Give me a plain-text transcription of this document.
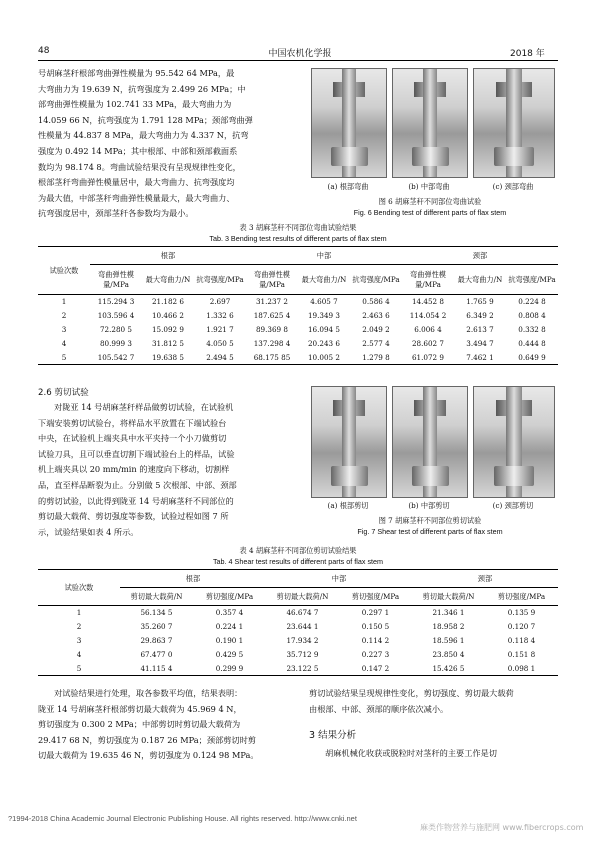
48	中国农机化学报	2018 年
号胡麻茎秆根部弯曲弹性模量为 95.542 64 MPa，最
大弯曲力为 19.639 N，抗弯强度为 2.499 26 MPa；中
部弯曲弹性模量为 102.741 33 MPa，最大弯曲力为
14.059 66 N，抗弯强度为 1.791 128 MPa；颈部弯曲弹
性模量为 44.837 8 MPa，最大弯曲力为 4.337 N，抗弯
强度为 0.492 14 MPa；其中根部、中部和颈部截面系
数均为 98.174 8。弯曲试验结果没有呈现规律性变化，
根部茎秆弯曲弹性模量居中，最大弯曲力、抗弯强度均
为最大值，中部茎秆弯曲弹性模量最大，最大弯曲力、
抗弯强度居中，颈部茎秆各参数均为最小。
(a) 根部弯曲	(b) 中部弯曲	(c) 颈部弯曲
图 6 胡麻茎秆不同部位弯曲试验
Fig. 6 Bending test of different parts of flax stem
表 3 胡麻茎秆不同部位弯曲试验结果
Tab. 3 Bending test results of different parts of flax stem
试验次数	根部			中部			颈部		
	弯曲弹性模量/MPa	最大弯曲力/N	抗弯强度/MPa	弯曲弹性模量/MPa	最大弯曲力/N	抗弯强度/MPa	弯曲弹性模量/MPa	最大弯曲力/N	抗弯强度/MPa
1	115.294 3	21.182 6	2.697	31.237 2	4.605 7	0.586 4	14.452 8	1.765 9	0.224 8
2	103.596 4	10.466 2	1.332 6	187.625 4	19.349 3	2.463 6	114.054 2	6.349 2	0.808 4
3	72.280 5	15.092 9	1.921 7	89.369 8	16.094 5	2.049 2	6.006 4	2.613 7	0.332 8
4	80.999 3	31.812 5	4.050 5	137.298 4	20.243 6	2.577 4	28.602 7	3.494 7	0.444 8
5	105.542 7	19.638 5	2.494 5	68.175 85	10.005 2	1.279 8	61.072 9	7.462 1	0.649 9
2.6 剪切试验
对陇亚 14 号胡麻茎秆样品做剪切试验，在试验机
下端安装剪切试验台，将样品水平放置在下端试验台
中央，在试验机上端夹具中水平夹持一个小刀做剪切
试验刀具，且可以垂直切割下端试验台上的样品，试验
机上端夹具以 20 mm/min 的速度向下移动，切割样
品，直至样品断裂为止。分别做 5 次根部、中部、颈部
的剪切试验，以此得到陇亚 14 号胡麻茎秆不同部位的
剪切最大载荷、剪切强度等参数，试验过程如图 7 所
示，试验结果如表 4 所示。
(a) 根部剪切	(b) 中部剪切	(c) 颈部剪切
图 7 胡麻茎秆不同部位剪切试验
Fig. 7 Shear test of different parts of flax stem
表 4 胡麻茎秆不同部位剪切试验结果
Tab. 4 Shear test results of different parts of flax stem
试验次数	根部		中部		颈部	
	剪切最大载荷/N	剪切强度/MPa	剪切最大载荷/N	剪切强度/MPa	剪切最大载荷/N	剪切强度/MPa
1	56.134 5	0.357 4	46.674 7	0.297 1	21.346 1	0.135 9
2	35.260 7	0.224 1	23.644 1	0.150 5	18.958 2	0.120 7
3	29.863 7	0.190 1	17.934 2	0.114 2	18.596 1	0.118 4
4	67.477 0	0.429 5	35.712 9	0.227 3	23.850 4	0.151 8
5	41.115 4	0.299 9	23.122 5	0.147 2	15.426 5	0.098 1
对试验结果进行处理，取各参数平均值，结果表明：
陇亚 14 号胡麻茎秆根部剪切最大载荷为 45.969 4 N，
剪切强度为 0.300 2 MPa；中部剪切时剪切最大载荷为
29.417 68 N，剪切强度为 0.187 26 MPa；颈部剪切时剪
切最大载荷为 19.635 46 N，剪切强度为 0.124 98 MPa。
剪切试验结果呈现规律性变化，剪切强度、剪切最大载荷
由根部、中部、颈部的顺序依次减小。
3 结果分析
胡麻机械化收获或脱粒时对茎秆的主要工作是切
?1994-2018 China Academic Journal Electronic Publishing House. All rights reserved. http://www.cnki.net
麻类作物营养与施肥网 www.fibercrops.com
